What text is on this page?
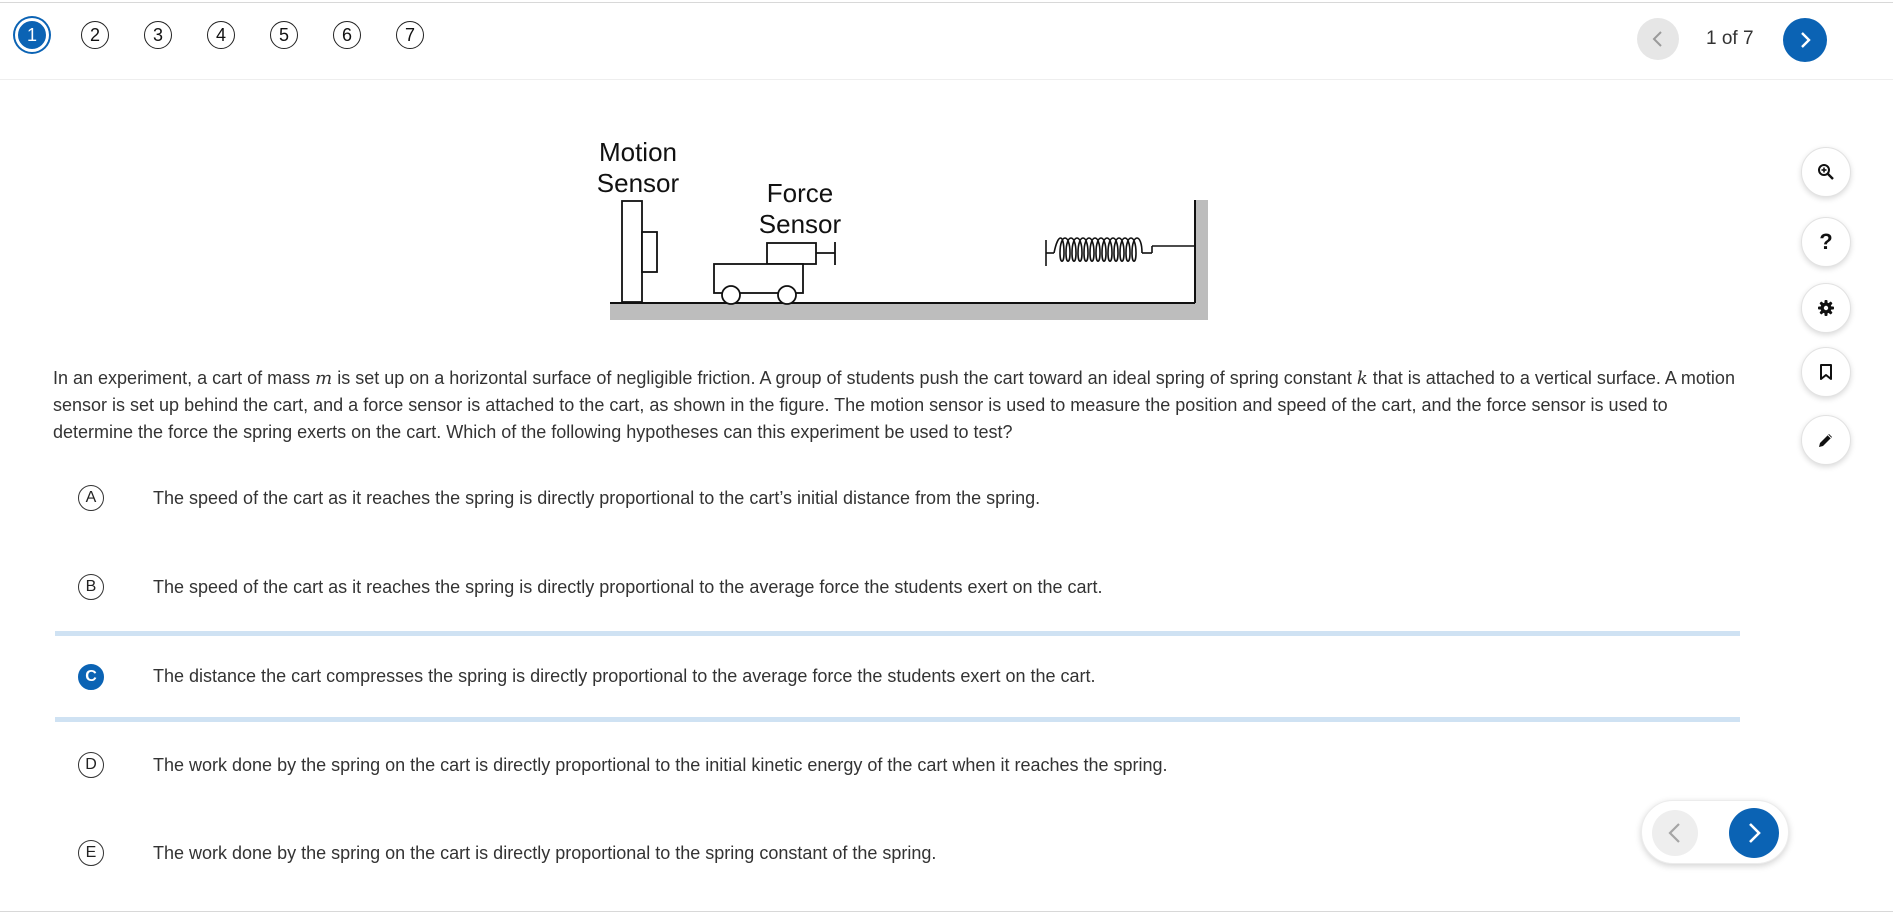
1	2	3	4	5	6	7	1 of 7
Motion
Sensor	Force
Sensor
In an experiment, a cart of mass m is set up on a horizontal surface of negligible friction. A group of students push the cart toward an ideal spring of spring constant k that is attached to a vertical surface. A motion sensor is set up behind the cart, and a force sensor is attached to the cart, as shown in the figure. The motion sensor is used to measure the position and speed of the cart, and the force sensor is used to determine the force the spring exerts on the cart. Which of the following hypotheses can this experiment be used to test?
A	The speed of the cart as it reaches the spring is directly proportional to the cart’s initial distance from the spring.
B	The speed of the cart as it reaches the spring is directly proportional to the average force the students exert on the cart.
C	The distance the cart compresses the spring is directly proportional to the average force the students exert on the cart.
D	The work done by the spring on the cart is directly proportional to the initial kinetic energy of the cart when it reaches the spring.
E	The work done by the spring on the cart is directly proportional to the spring constant of the spring.
?
